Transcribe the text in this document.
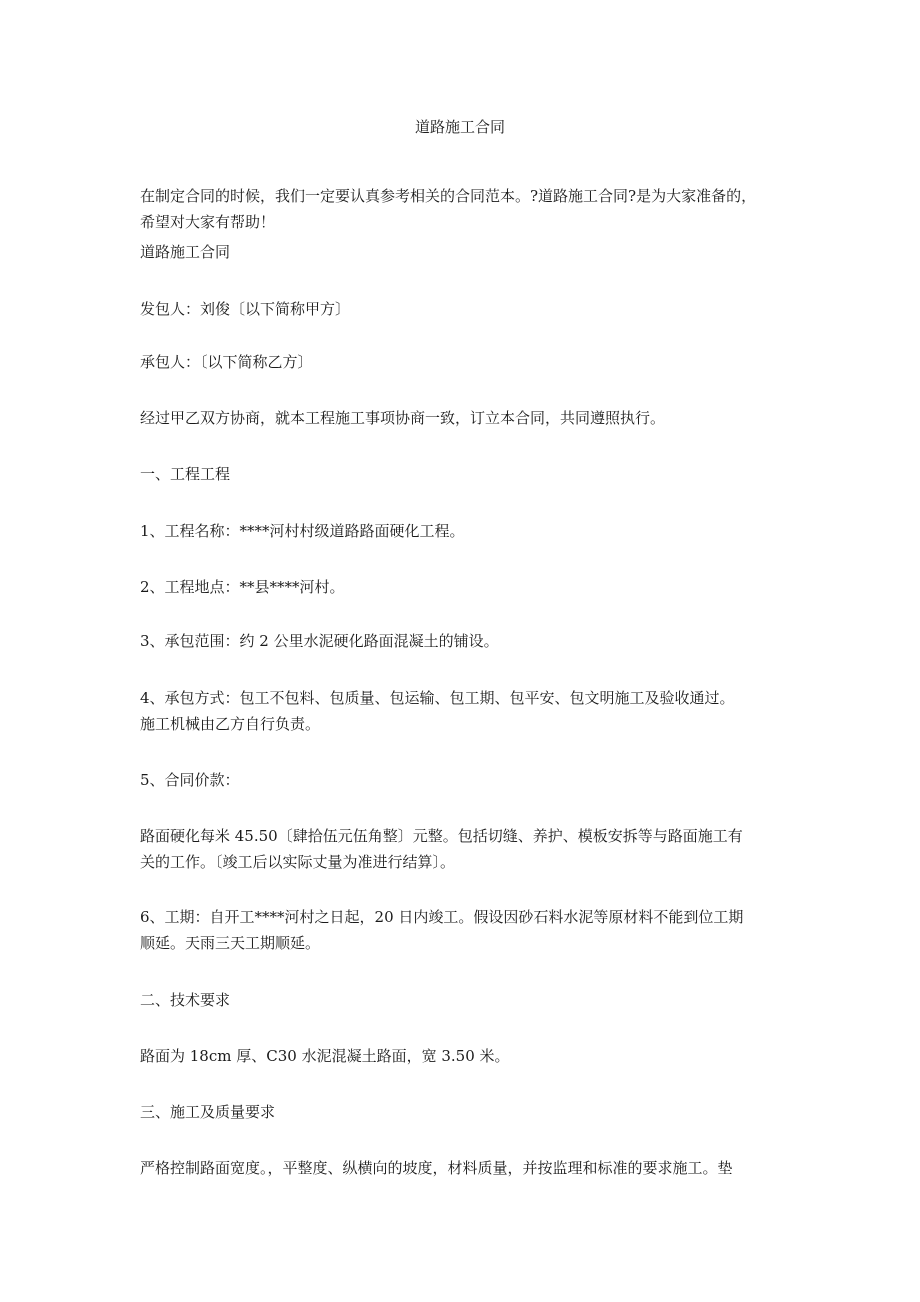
道路施工合同

在制定合同的时候，我们一定要认真参考相关的合同范本。?道路施工合同?是为大家准备的，
希望对大家有帮助！

道路施工合同

发包人：刘俊〔以下简称甲方〕

承包人：〔以下简称乙方〕

经过甲乙双方协商，就本工程施工事项协商一致，订立本合同，共同遵照执行。

一、工程工程

1、工程名称：****河村村级道路路面硬化工程。

2、工程地点：**县****河村。

3、承包范围：约 2 公里水泥硬化路面混凝土的铺设。

4、承包方式：包工不包料、包质量、包运输、包工期、包平安、包文明施工及验收通过。
施工机械由乙方自行负责。

5、合同价款：

路面硬化每米 45.50〔肆拾伍元伍角整〕元整。包括切缝、养护、模板安拆等与路面施工有
关的工作。〔竣工后以实际丈量为准进行结算〕。

6、工期：自开工****河村之日起，20 日内竣工。假设因砂石料水泥等原材料不能到位工期
顺延。天雨三天工期顺延。

二、技术要求

路面为 18cm 厚、C30 水泥混凝土路面，宽 3.50 米。

三、施工及质量要求

严格控制路面宽度。，平整度、纵横向的坡度，材料质量，并按监理和标准的要求施工。垫
